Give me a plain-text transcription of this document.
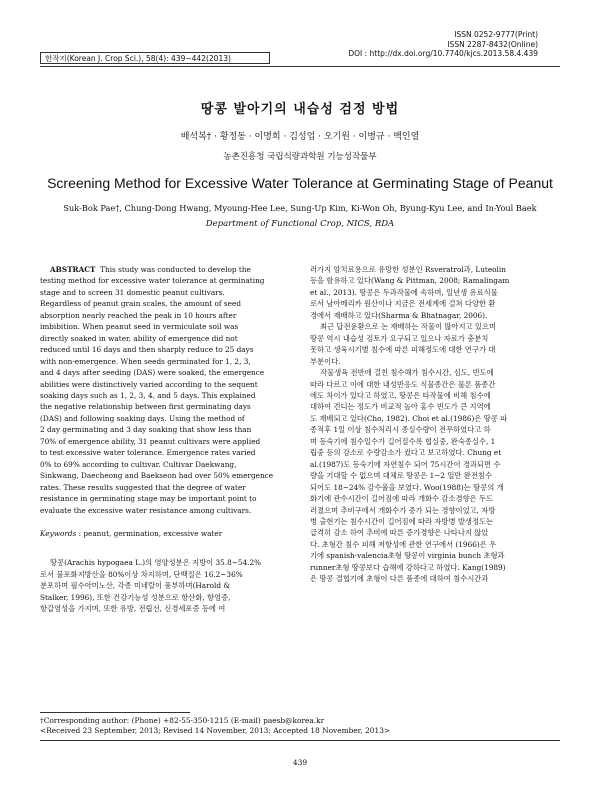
한작지(Korean J. Crop Sci.), 58(4): 439~442(2013)
ISSN 0252-9777(Print)
ISSN 2287-8432(Online)
DOI : http://dx.doi.org/10.7740/kjcs.2013.58.4.439
땅콩 발아기의 내습성 검정 방법
배석복† · 황정동 · 이명희 · 김성업 · 오기원 · 이병규 · 백인열
농촌진흥청 국립식량과학원 기능성작물부
Screening Method for Excessive Water Tolerance at Germinating Stage of Peanut
Suk-Bok Pae†, Chung-Dong Hwang, Myoung-Hee Lee, Sung-Up Kim, Ki-Won Oh, Byung-Kyu Lee, and In-Youl Baek
Department of Functional Crop, NICS, RDA

ABSTRACT This study was conducted to develop the

testing method for excessive water tolerance at germinating

stage and to screen 31 domestic peanut cultivars.

Regardless of peanut grain scales, the amount of seed

absorption nearly reached the peak in 10 hours after

imbibition. When peanut seed in vermiculate soil was

directly soaked in water, ability of emergence did not

reduced until 16 days and then sharply reduce to 25 days

with non-emergence. When seeds germinated for 1, 2, 3,

and 4 days after seeding (DAS) were soaked, the emergence

abilities were distinctively varied according to the sequent

soaking days such as 1, 2, 3, 4, and 5 days. This explained

the negative relationship between first germinating days

(DAS) and following soaking days. Using the method of

2 day germinating and 3 day soaking that show less than

70% of emergence ability, 31 peanut cultivars were applied

to test excessive water tolerance. Emergence rates varied

0% to 69% according to cultivar. Cultivar Daekwang,

Sinkwang, Daecheong and Baekseon had over 50% emergence

rates. These results suggested that the degree of water

resistance in germinating stage may be important point to

evaluate the excessive water resistance among cultivars.

Keywords : peanut, germination, excessive water

땅콩(Arachis hypogaea L.)의 영양성분은 지방이 35.8~54.2%

로서 불포화지방산을 80%이상 차지하며, 단백질은 16.2~36%

분포하며 필수아미노산, 각종 미네랄이 풍부하며(Harold &

Stalker, 1996), 또한 건강기능성 성분으로 항산화, 항염증,

항갑염성을 가지며, 또한 유방, 전립선, 신경세포증 등에 여

러가지 암치료용으로 유망한 성분인 Rsveratrol과, Luteolin

등을 함유하고 있다(Wang & Pittman, 2008; Ramalingam

et al., 2013). 땅콩은 두과작물에 속하며, 일년생 유료식물

로서 남아메리카 원산이나 지금은 전세계에 걸쳐 다양한 환

경에서 재배하고 있다(Sharma & Bhatnagar, 2006).

최근 답전윤환으로 논 재배하는 작물이 많아지고 있으며

땅콩 역시 내습성 검토가 요구되고 있으나 자료가 충분치

못하고 생육시기별 침수에 따른 피해정도에 대한 연구가 대

부분이다.

작물생육 전반에 걸친 침수해가 침수시간, 심도, 빈도에

따라 다르고 이에 대한 내성반응도 식물종간은 물론 품종간

에도 차이가 있다고 하였고, 땅콩은 타작물에 비해 침수에

대하여 견디는 정도가 비교적 높아 홍수 빈도가 큰 지역에

도 재배되고 있다(Cho, 1982). Choi et al.(1986)은 땅콩 파

종적후 1일 이상 침수처리시 종실수량이 전무하였다고 하

며 등숙기에 침수일수가 길어질수록 협실중, 완숙종실수, 1

립중 등의 감소로 수량감소가 컸다고 보고하였다. Chung et

al.(1987)도 등숙기에 자연침수 되어 75시간이 경과되면 수

량을 기대할 수 없으며 대체로 땅콩은 1~2 일만 완전침수

되어도 18~24% 감수율을 보였다. Woo(1988)는 땅콩의 개

화기에 관수시간이 길어짐에 따라 개화수 감소경향은 두드

러졌으며 추비구에서 개화수가 증가 되는 경향이었고, 자방

병 출현기는 침수시간이 길어짐에 따라 자방병 발생정도는

급격히 감소 하여 추비에 따른 증가경향은 나타나지 않았

다. 초형간 침수 피해 저항성에 관한 연구에서 (1966)은 우

기에 spanish-valencia초형 땅콩이 virginia bunch 초형과

runner초형 땅콩보다 습해에 강하다고 하였다. Kang(1989)

은 땅콩 결협기에 초형이 다른 품종에 대하여 침수시간과

†Corresponding author: (Phone) +82-55-350-1215 (E-mail) paesb@korea.kr
<Received 23 September, 2013; Revised 14 November, 2013; Accepted 18 November, 2013>
439
